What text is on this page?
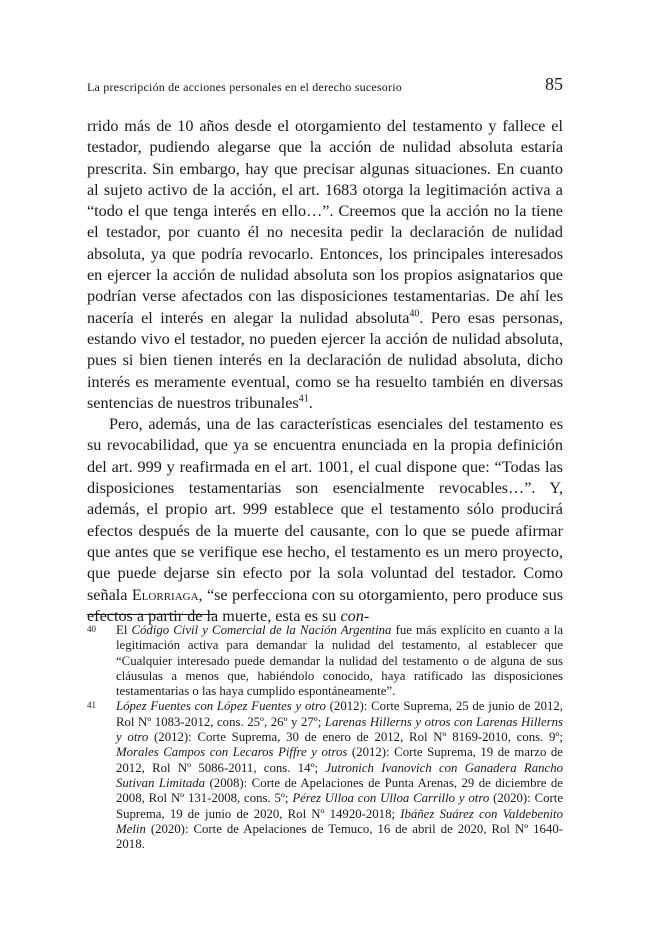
La prescripción de acciones personales en el derecho sucesorio	85

rrido más de 10 años desde el otorgamiento del testamento y fallece el testador, pudiendo alegarse que la acción de nulidad absoluta estaría prescrita. Sin embargo, hay que precisar algunas situaciones. En cuanto al sujeto activo de la acción, el art. 1683 otorga la legitimación activa a “todo el que tenga interés en ello…”. Creemos que la acción no la tiene el testador, por cuanto él no necesita pedir la declaración de nulidad absoluta, ya que podría revocarlo. Entonces, los principales interesados en ejercer la acción de nulidad absoluta son los propios asignatarios que podrían verse afectados con las disposiciones testamentarias. De ahí les nacería el interés en alegar la nulidad absoluta$^{40}$. Pero esas personas, estando vivo el testador, no pueden ejercer la acción de nulidad absoluta, pues si bien tienen interés en la declaración de nulidad absoluta, dicho interés es meramente eventual, como se ha resuelto también en diversas sentencias de nuestros tribunales$^{41}$.

Pero, además, una de las características esenciales del testamento es su revocabilidad, que ya se encuentra enunciada en la propia definición del art. 999 y reafirmada en el art. 1001, el cual dispone que: “Todas las disposiciones testamentarias son esencialmente revocables…”. Y, además, el propio art. 999 establece que el testamento sólo producirá efectos después de la muerte del causante, con lo que se puede afirmar que antes que se verifique ese hecho, el testamento es un mero proyecto, que puede dejarse sin efecto por la sola voluntad del testador. Como señala Elorriaga, “se perfecciona con su otorgamiento, pero produce sus efectos a partir de la muerte, esta es su con-

40 El Código Civil y Comercial de la Nación Argentina fue más explícito en cuanto a la legitimación activa para demandar la nulidad del testamento, al establecer que “Cualquier interesado puede demandar la nulidad del testamento o de alguna de sus cláusulas a menos que, habiéndolo conocido, haya ratificado las disposiciones testamentarias o las haya cumplido espontáneamente”.

41 López Fuentes con López Fuentes y otro (2012): Corte Suprema, 25 de junio de 2012, Rol Nº 1083-2012, cons. 25º, 26º y 27º; Larenas Hillerns y otros con Larenas Hillerns y otro (2012): Corte Suprema, 30 de enero de 2012, Rol Nº 8169-2010, cons. 9º; Morales Campos con Lecaros Piffre y otros (2012): Corte Suprema, 19 de marzo de 2012, Rol Nº 5086-2011, cons. 14º; Jutronich Ivanovich con Ganadera Rancho Sutivan Limitada (2008): Corte de Apelaciones de Punta Arenas, 29 de diciembre de 2008, Rol Nº 131-2008, cons. 5º; Pérez Ulloa con Ulloa Carrillo y otro (2020): Corte Suprema, 19 de junio de 2020, Rol Nº 14920-2018; Ibáñez Suárez con Valdebenito Melin (2020): Corte de Apelaciones de Temuco, 16 de abril de 2020, Rol Nº 1640-2018.
